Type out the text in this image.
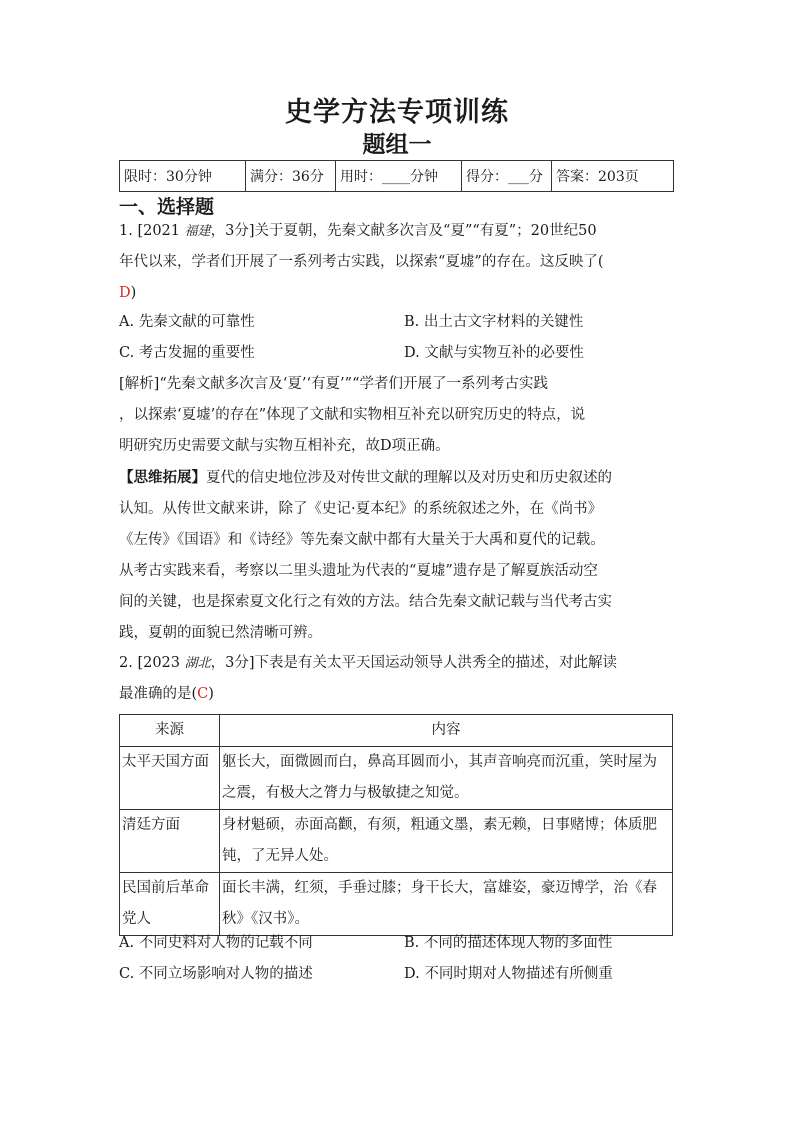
史学方法专项训练
题组一
限时：30分钟	满分：36分	用时：____分钟	得分：___分	答案：203页
一、选择题
1. [2021 福建，3分]关于夏朝，先秦文献多次言及“夏”“有夏”；20世纪50
年代以来，学者们开展了一系列考古实践，以探索“夏墟”的存在。这反映了(
D)
A. 先秦文献的可靠性	B. 出土古文字材料的关键性
C. 考古发掘的重要性	D. 文献与实物互补的必要性
[解析]“先秦文献多次言及‘夏’‘有夏’”“学者们开展了一系列考古实践
，以探索‘夏墟’的存在”体现了文献和实物相互补充以研究历史的特点，说
明研究历史需要文献与实物互相补充，故D项正确。
【思维拓展】夏代的信史地位涉及对传世文献的理解以及对历史和历史叙述的
认知。从传世文献来讲，除了《史记·夏本纪》的系统叙述之外，在《尚书》
《左传》《国语》和《诗经》等先秦文献中都有大量关于大禹和夏代的记载。
从考古实践来看，考察以二里头遗址为代表的“夏墟”遗存是了解夏族活动空
间的关键，也是探索夏文化行之有效的方法。结合先秦文献记载与当代考古实
践，夏朝的面貌已然清晰可辨。
2. [2023 湖北，3分]下表是有关太平天国运动领导人洪秀全的描述，对此解读
最准确的是(C)
来源	内容
太平天国方面	躯长大，面微圆而白，鼻高耳圆而小，其声音响亮而沉重，笑时屋为之震，有极大之膂力与极敏捷之知觉。
清廷方面	身材魁硕，赤面高颧，有须，粗通文墨，素无赖，日事赌博；体质肥钝，了无异人处。
民国前后革命党人	面长丰满，红须，手垂过膝；身干长大，富雄姿，豪迈博学，治《春秋》《汉书》。
A. 不同史料对人物的记载不同	B. 不同的描述体现人物的多面性
C. 不同立场影响对人物的描述	D. 不同时期对人物描述有所侧重
